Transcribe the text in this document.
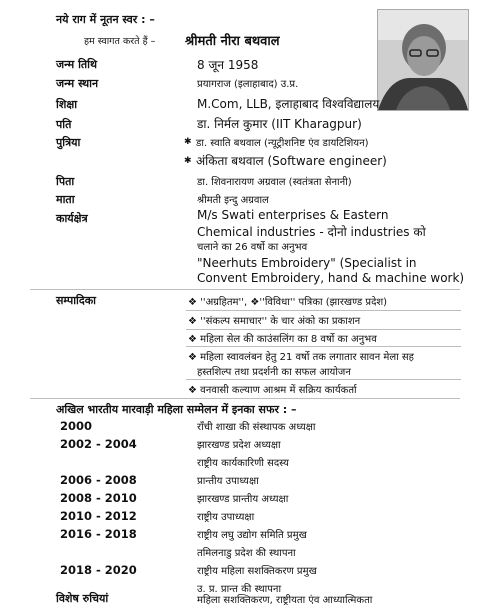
नये राग में नूतन स्वर : –
हम स्वागत करते हैं – श्रीमती नीरा बथवाल
जन्म तिथि	8 जून 1958
जन्म स्थान	प्रयागराज (इलाहाबाद) उ.प्र.
शिक्षा	M.Com, LLB, इलाहाबाद विश्वविद्यालय
पति	डा. निर्मल कुमार (IIT Kharagpur)
पुत्रिया	✱ डा. स्वाति बथवाल (न्यूट्रीशनिष्ट एंव डायटिशियन)
✱ अंकिता बथवाल (Software engineer)
पिता	डा. शिवनारायण अग्रवाल (स्वतंत्रता सेनानी)
माता	श्रीमती इन्दु अग्रवाल
कार्यक्षेत्र	M/s Swati enterprises & Eastern
Chemical industries - दोनो industries को
चलाने का 26 वर्षो का अनुभव
"Neerhuts Embroidery" (Specialist in
Convent Embroidery, hand & machine work)
सम्पादिका	❖ ''अग्रहितम'', ❖''विविधा'' पत्रिका (झारखण्ड प्रदेश)
❖ ''संकल्प समाचार'' के चार अंको का प्रकाशन
❖ महिला सेल की काउंसलिंग का 8 वर्षो का अनुभव
❖ महिला स्वावलंबन हेतु 21 वर्षो तक लगातार सावन मेला सह
हस्तशिल्प तथा प्रदर्शनी का सफल आयोजन
❖ वनवासी कल्याण आश्रम में सक्रिय कार्यकर्ता
अखिल भारतीय मारवाड़ी महिला सम्मेलन में इनका सफर : –
2000	राँची शाखा की संस्थापक अध्यक्षा
2002 - 2004	झारखण्ड प्रदेश अध्यक्षा
राष्ट्रीय कार्यकारिणी सदस्य
2006 - 2008	प्रान्तीय उपाध्यक्षा
2008 - 2010	झारखण्ड प्रान्तीय अध्यक्षा
2010 - 2012	राष्ट्रीय उपाध्यक्षा
2016 - 2018	राष्ट्रीय लघु उद्योग समिति प्रमुख
तमिलनाडु प्रदेश की स्थापना
2018 - 2020	राष्ट्रीय महिला सशक्तिकरण प्रमुख
उ. प्र. प्रान्त की स्थापना
विशेष रुचियां	महिला सशक्तिकरण, राष्ट्रीयता एंव आध्यात्मिकता
